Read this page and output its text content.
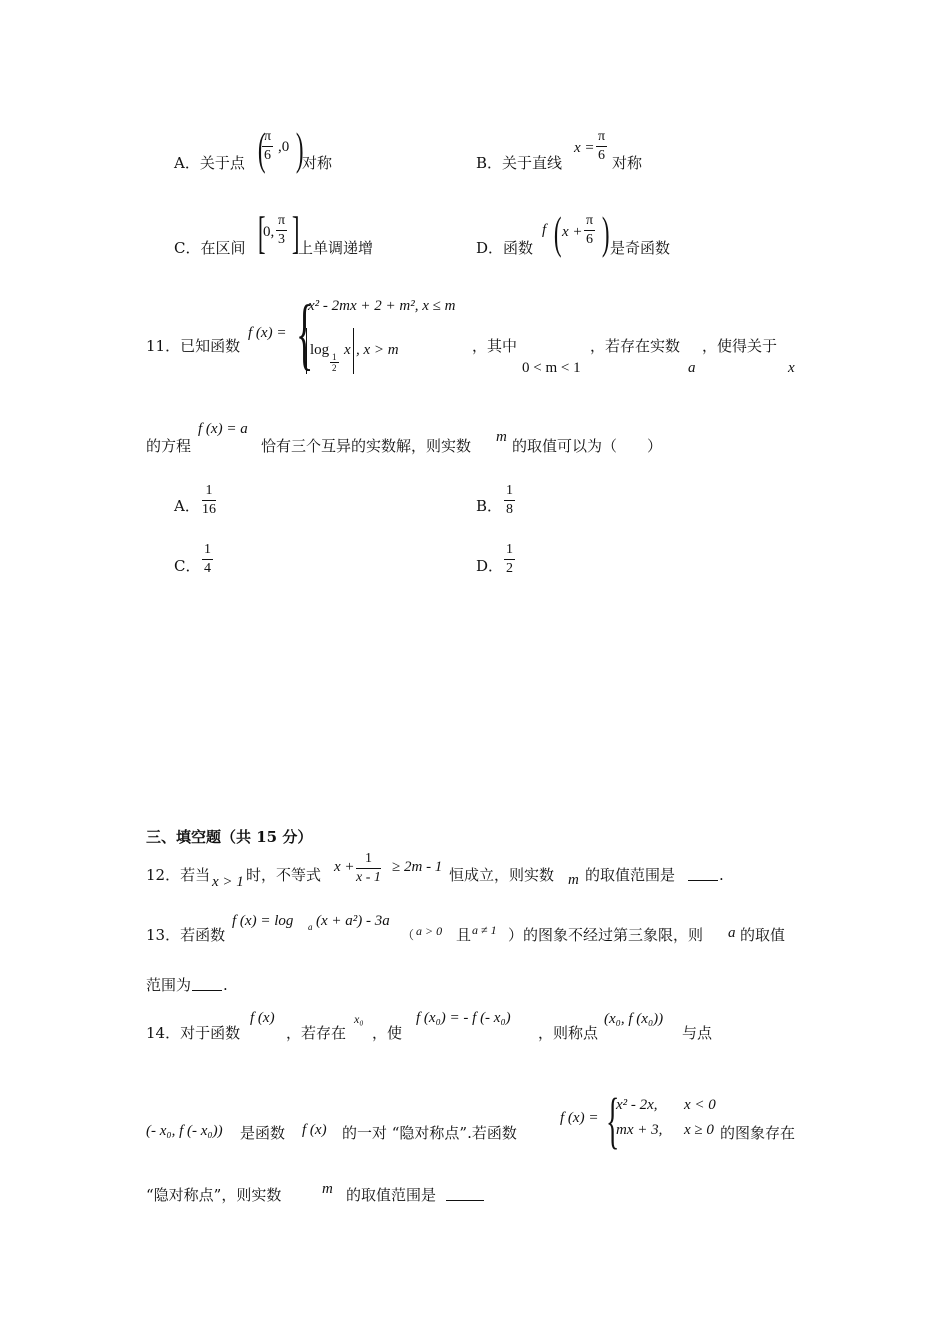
A．关于点 (
$\frac{\pi}{6} ,0$ )
对称	B．关于直线
$x = \frac{\pi}{6}$ 对称
C．在区间 [
0, $\frac{\pi}{3}$ ]
上单调递增	D．函数
f ( $x + \frac{\pi}{6}$ ) 是奇函数
11．已知函数
f (x) = {
x² - 2mx + 2 + m², x ≤ m
log
$\frac{1}{2}$
x , x > m	，其中
0 < m < 1
，若存在实数
a
，使得关于
x
的方程
f (x) = a
恰有三个互异的实数解，则实数 m 的取值可以为（　　）
A． $\frac{1}{16}$	B． $\frac{1}{8}$
C． $\frac{1}{4}$	D． $\frac{1}{2}$
三、填空题（共 15 分）
12．若当 x > 1 时，不等式 $x + \frac{1}{x - 1} \ge 2m - 1$ 恒成立，则实数 m 的取值范围是	.
13．若函数
f (x) = log a (x + a²) - 3a
（ a > 0 且 a ≠ 1 ）的图象不经过第三象限，则 a 的取值
范围为 .
14．对于函数
f (x)
，若存在
x₀
，使
f (x₀) = - f (- x₀)
，则称点
(x₀, f (x₀))
与点
(- x₀, f (- x₀)) 是函数 f (x) 的一对 “隐对称点”.若函数
f (x) = {
x² - 2x, x < 0
mx + 3, x ≥ 0 的图象存在
“隐对称点”，则实数	m 的取值范围是
